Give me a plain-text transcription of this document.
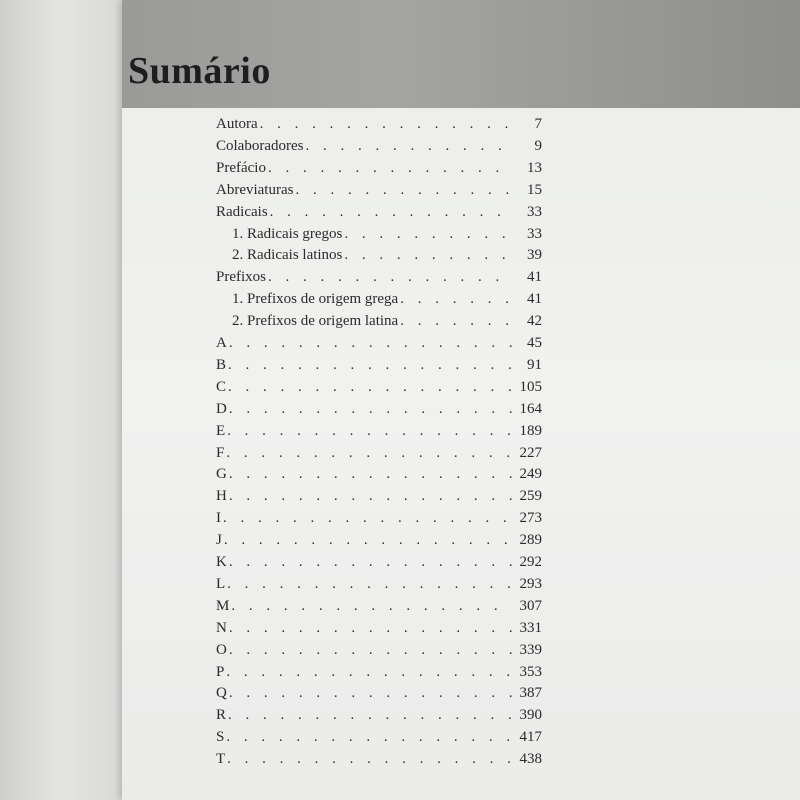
Sumário
Autora . . .	7
Colaboradores . . .	9
Prefácio . . .	13
Abreviaturas . . .	15
Radicais . . .	33
1. Radicais gregos . . .	33
2. Radicais latinos . . .	39
Prefixos . . .	41
1. Prefixos de origem grega . . .	41
2. Prefixos de origem latina . . .	42
A . . .	45
B . . .	91
C . . .	105
D . . .	164
E . . .	189
F . . .	227
G . . .	249
H . . .	259
I . . .	273
J . . .	289
K . . .	292
L . . .	293
M . . .	307
N . . .	331
O . . .	339
P . . .	353
Q . . .	387
R . . .	390
S . . .	417
T . . .	438
